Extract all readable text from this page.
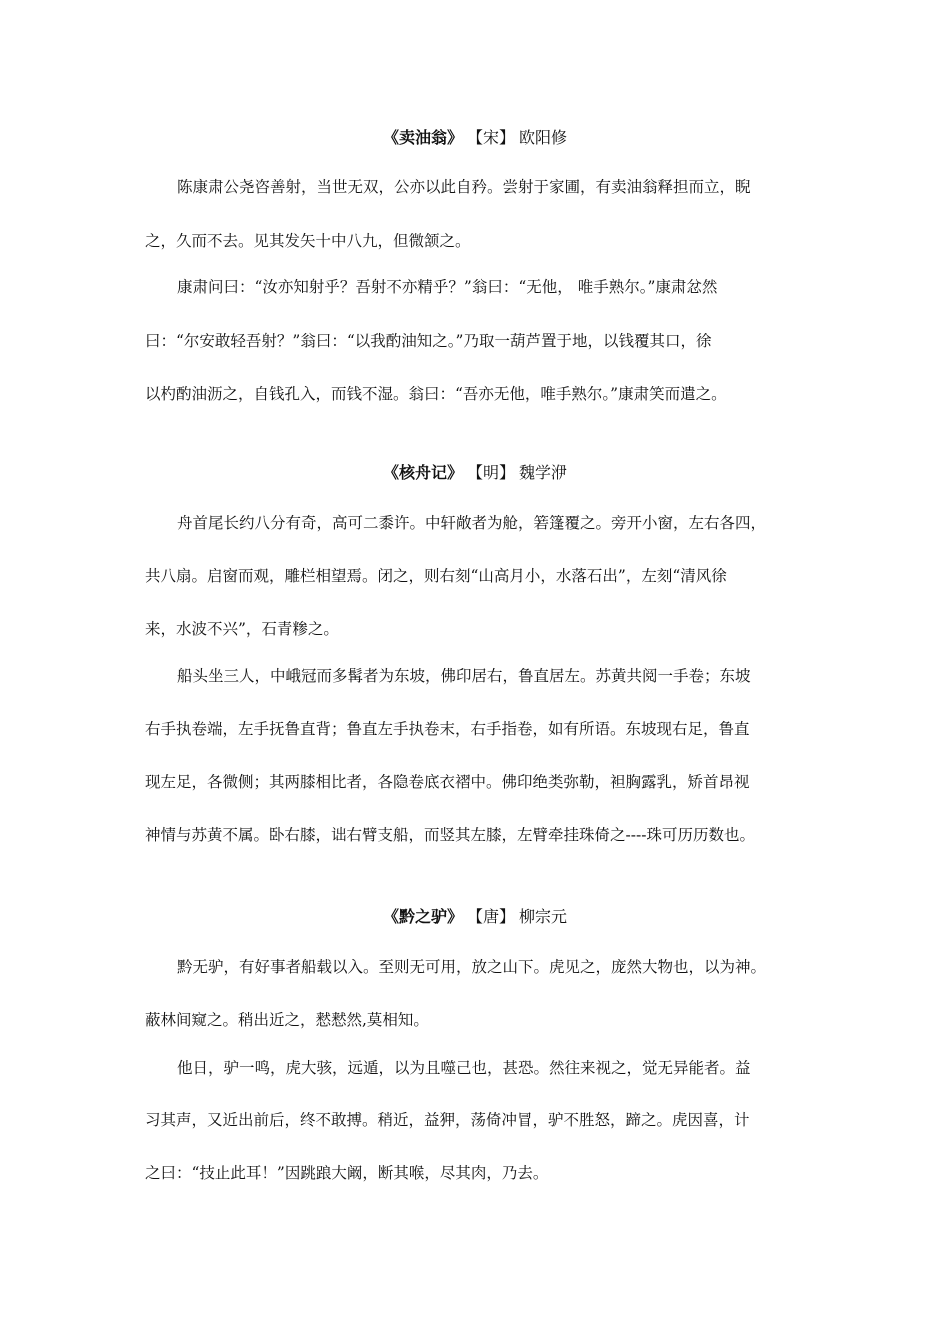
《卖油翁》 【宋】 欧阳修
陈康肃公尧咨善射，当世无双，公亦以此自矜。尝射于家圃，有卖油翁释担而立，睨
之，久而不去。见其发矢十中八九，但微颔之。
康肃问曰：“汝亦知射乎？吾射不亦精乎？”翁曰：“无他， 唯手熟尔。”康肃忿然
曰：“尔安敢轻吾射？”翁曰：“以我酌油知之。”乃取一葫芦置于地，以钱覆其口，徐
以杓酌油沥之，自钱孔入，而钱不湿。翁曰：“吾亦无他，唯手熟尔。”康肃笑而遣之。
《核舟记》 【明】 魏学洢
舟首尾长约八分有奇，高可二黍许。中轩敞者为舱，箬篷覆之。旁开小窗，左右各四，
共八扇。启窗而观，雕栏相望焉。闭之，则右刻“山高月小，水落石出”，左刻“清风徐
来，水波不兴”，石青糁之。
船头坐三人，中峨冠而多髯者为东坡，佛印居右，鲁直居左。苏黄共阅一手卷；东坡
右手执卷端，左手抚鲁直背；鲁直左手执卷末，右手指卷，如有所语。东坡现右足，鲁直
现左足，各微侧；其两膝相比者，各隐卷底衣褶中。佛印绝类弥勒，袒胸露乳，矫首昂视
神情与苏黄不属。卧右膝，诎右臂支船，而竖其左膝，左臂牵挂珠倚之----珠可历历数也。
《黔之驴》 【唐】 柳宗元
黔无驴，有好事者船载以入。至则无可用，放之山下。虎见之，庞然大物也，以为神。
蔽林间窥之。稍出近之，慭慭然,莫相知。
他日，驴一鸣，虎大骇，远遁，以为且噬己也，甚恐。然往来视之，觉无异能者。益
习其声，又近出前后，终不敢搏。稍近，益狎，荡倚冲冒，驴不胜怒，蹄之。虎因喜，计
之曰：“技止此耳！”因跳踉大阚，断其喉，尽其肉，乃去。
